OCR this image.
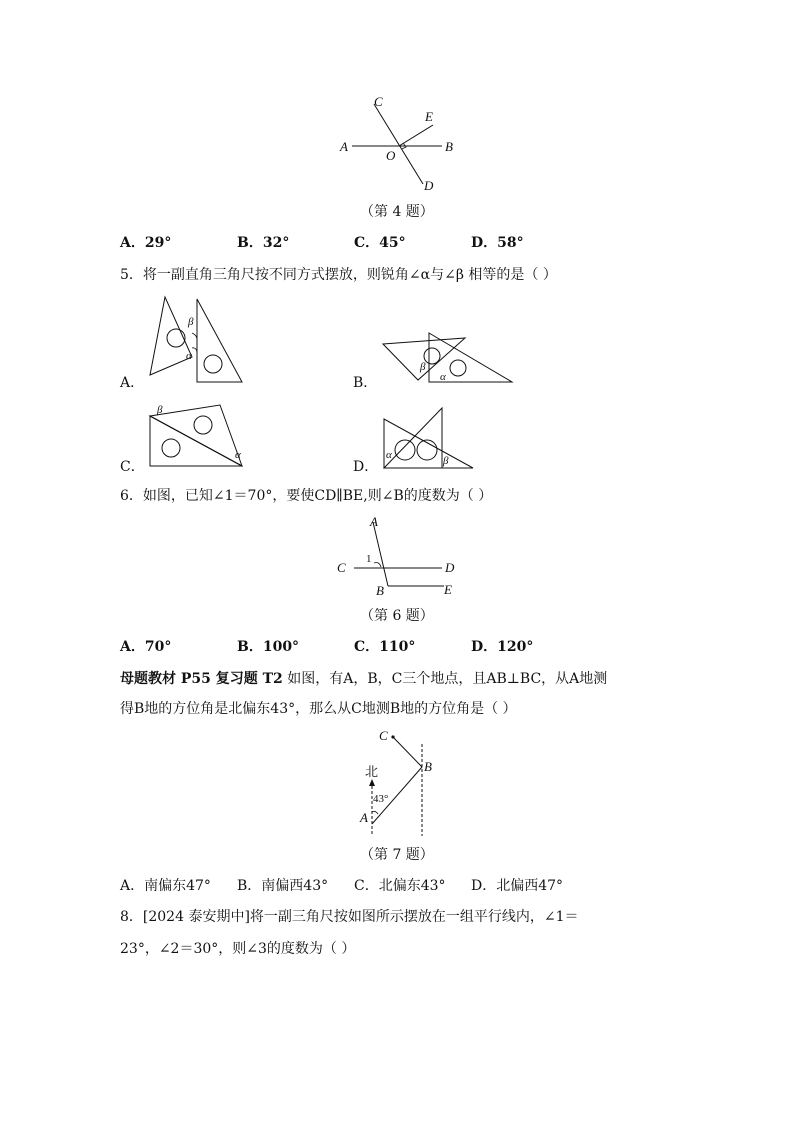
A	B
C
D
E
O
（第 4 题）
A．29°	B．32°	C．45°	D．58°
5．将一副直角三角尺按不同方式摆放，则锐角∠α与∠β 相等的是（ ）
β
α
A．
β
α
B．
β
α
C．
α	β
D．
6．如图，已知∠1＝70°，要使CD∥BE,则∠B的度数为（ ）
A
C	D
B	E
1
（第 6 题）
A．70°	B．100°	C．110°	D．120°
母题教材 P55 复习题 T2 如图，有A，B，C三个地点，且AB⊥BC，从A地测
得B地的方位角是北偏东43°，那么从C地测B地的方位角是（ ）
C
B
A
北
43°
（第 7 题）
A．南偏东47° B．南偏西43° C．北偏东43° D．北偏西47°
8．[2024 泰安期中]将一副三角尺按如图所示摆放在一组平行线内，∠1＝
23°，∠2＝30°，则∠3的度数为（ ）
